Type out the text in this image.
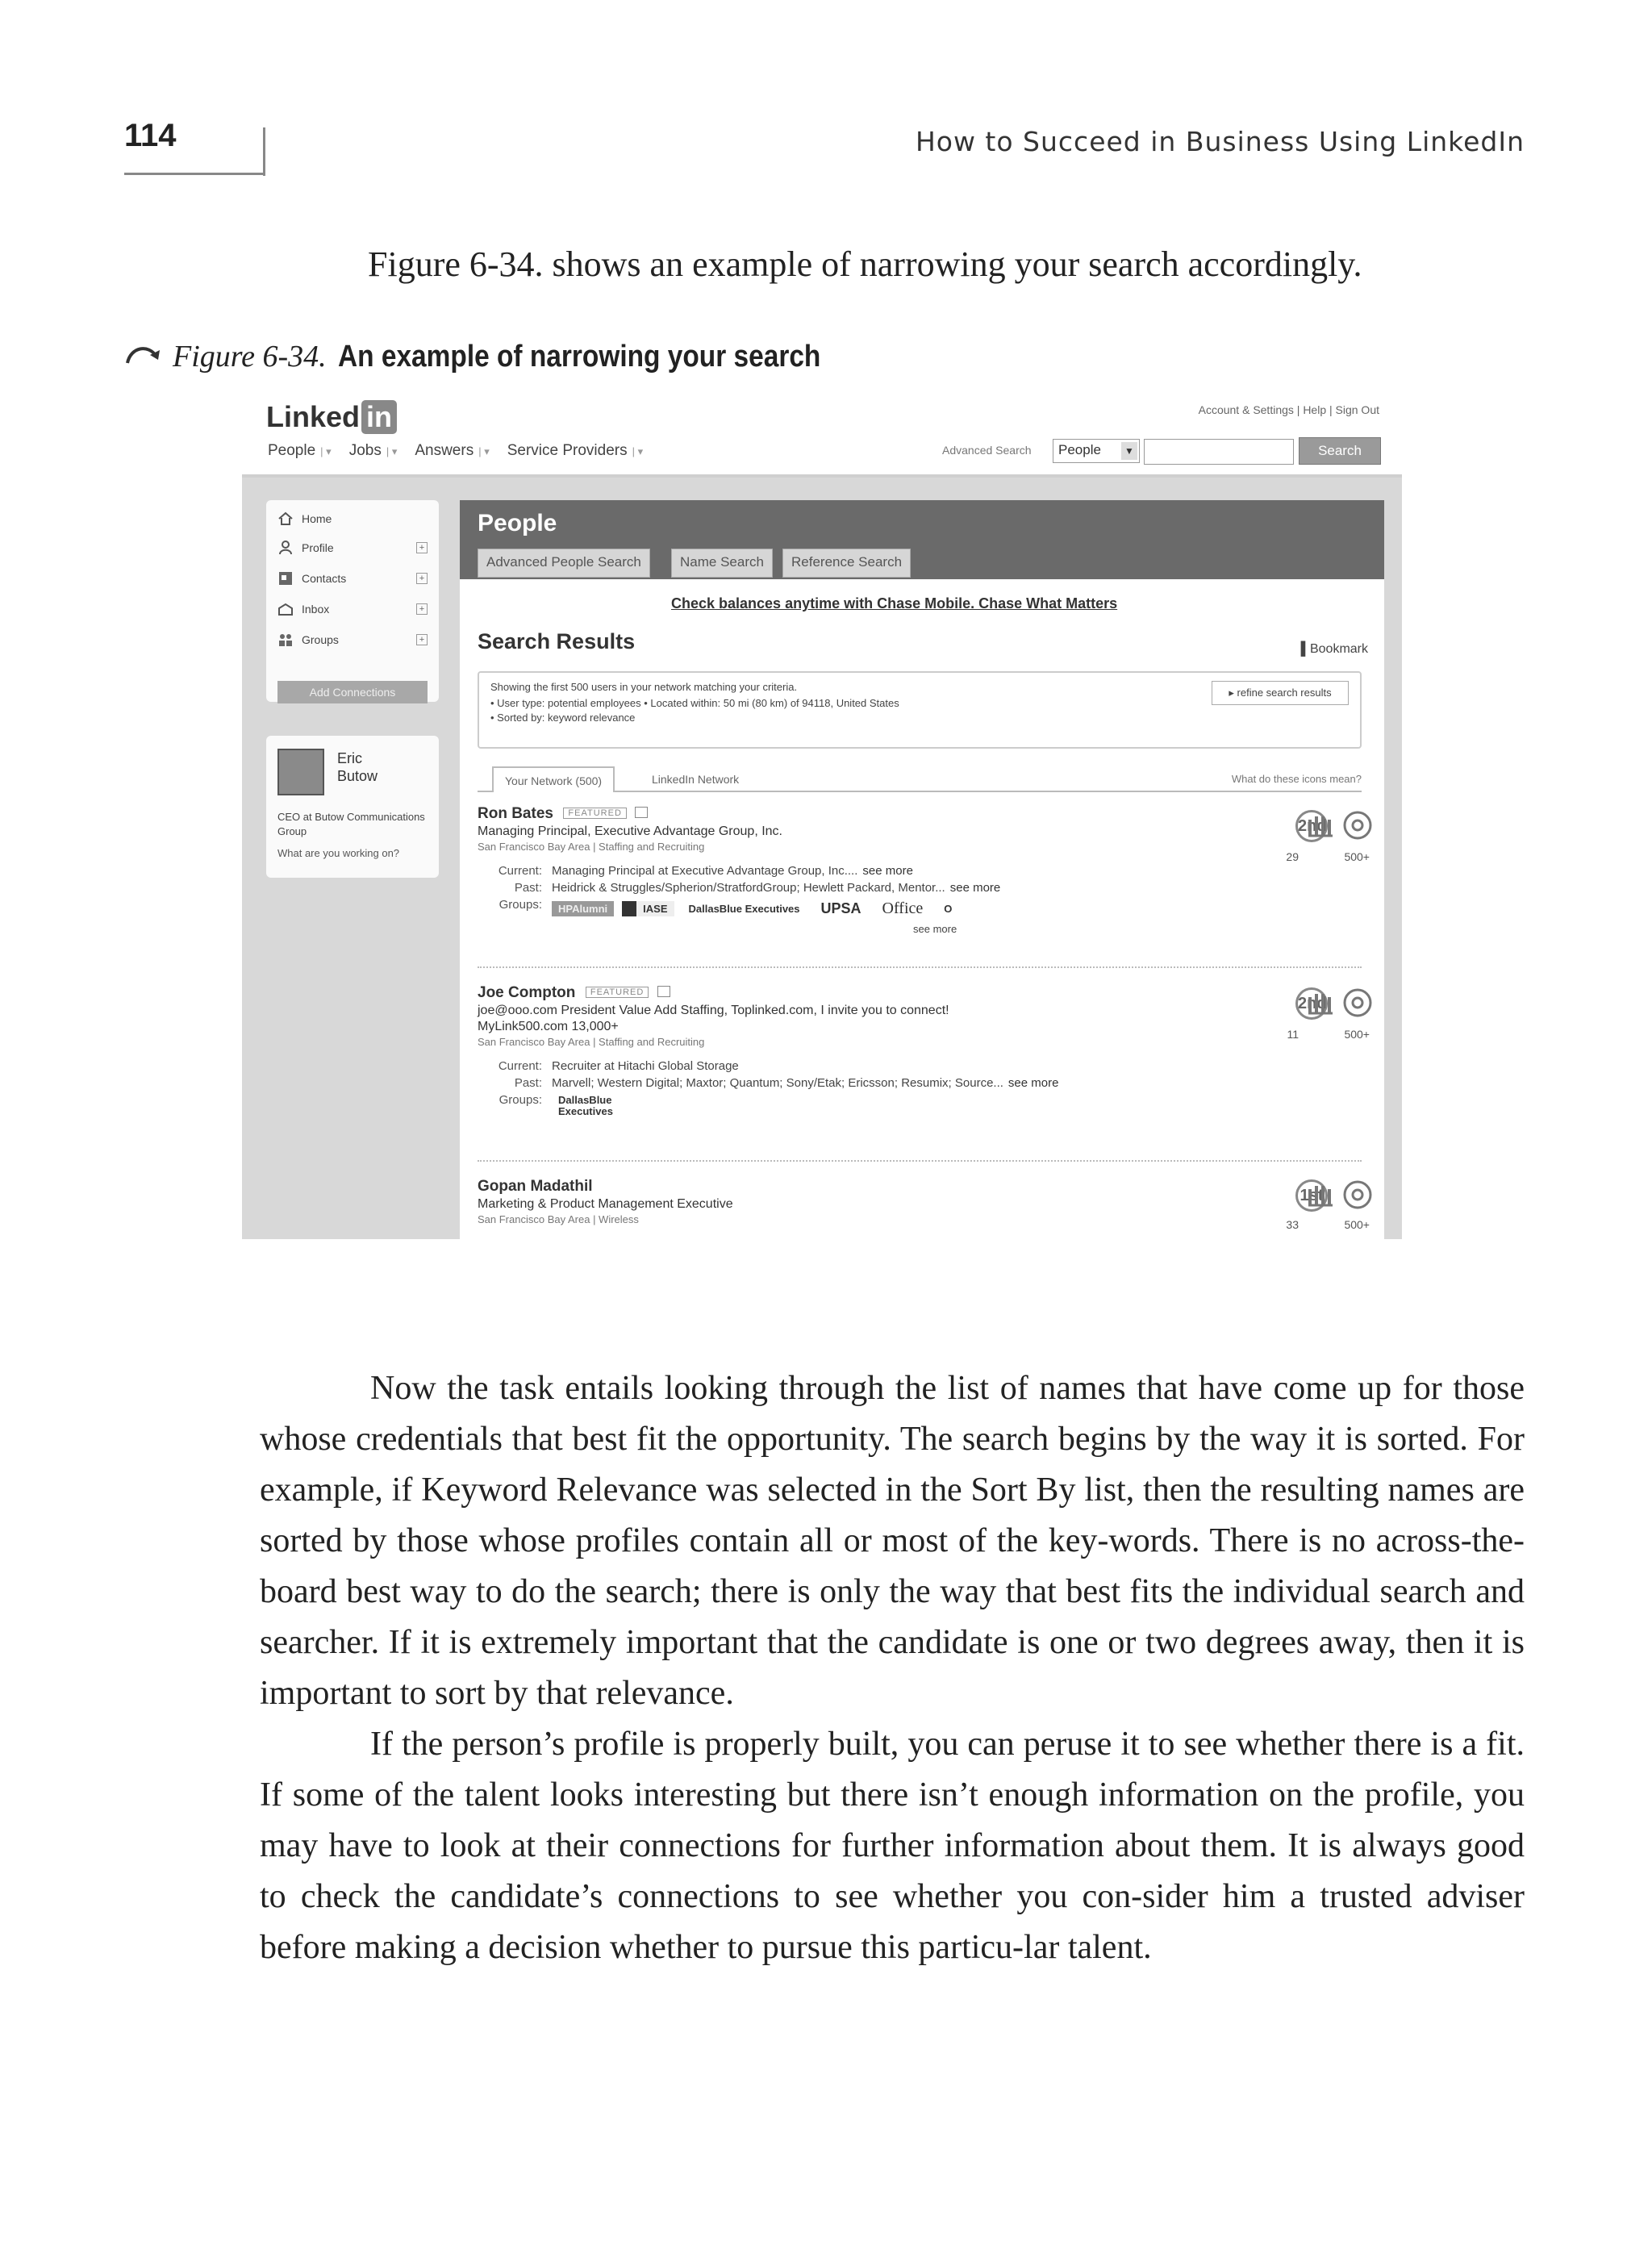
114	How to Succeed in Business Using LinkedIn
Figure 6-34. shows an example of narrowing your search accordingly.
Figure 6-34. An example of narrowing your search
Linked in	Account & Settings | Help | Sign Out
People | ▾ Jobs | ▾ Answers | ▾ Service Providers | ▾	Advanced Search	People	▼	Search
Home
Profile	+
Contacts	+
Inbox	+
Groups	+
Add Connections
Eric
Butow
CEO at Butow Communications Group
What are you working on?
People
Advanced People Search	Name Search	Reference Search
Check balances anytime with Chase Mobile. Chase What Matters
Search Results	▌Bookmark
Showing the first 500 users in your network matching your criteria.
• User type: potential employees • Located within: 50 mi (80 km) of 94118, United States
• Sorted by: keyword relevance
▸ refine search results
Your Network (500)	LinkedIn Network	What do these icons mean?
Ron Bates FEATURED
Managing Principal, Executive Advantage Group, Inc.
San Francisco Bay Area | Staffing and Recruiting
Current: Managing Principal at Executive Advantage Group, Inc.... see more
Past: Heidrick & Struggles/Spherion/StratfordGroup; Hewlett Packard, Mentor... see more
Groups:	HPAlumni	IASE	DallasBlue Executives	UPSA	Office	O
see more
2nd
29	500+
Joe Compton FEATURED
joe@ooo.com President Value Add Staffing, Toplinked.com, I invite you to connect!
MyLink500.com 13,000+
San Francisco Bay Area | Staffing and Recruiting
Current: Recruiter at Hitachi Global Storage
Past: Marvell; Western Digital; Maxtor; Quantum; Sony/Etak; Ericsson; Resumix; Source... see more
Groups:	DallasBlue Executives
2nd
11	500+
Gopan Madathil
Marketing & Product Management Executive
San Francisco Bay Area | Wireless
1st
33	500+

Now the task entails looking through the list of names that have come up for those whose credentials that best fit the opportunity. The search begins by the way it is sorted. For example, if Keyword Relevance was selected in the Sort By list, then the resulting names are sorted by those whose profiles contain all or most of the key-words. There is no across-the-board best way to do the search; there is only the way that best fits the individual search and searcher. If it is extremely important that the candidate is one or two degrees away, then it is important to sort by that relevance.

If the person’s profile is properly built, you can peruse it to see whether there is a fit. If some of the talent looks interesting but there isn’t enough information on the profile, you may have to look at their connections for further information about them. It is always good to check the candidate’s connections to see whether you con-sider him a trusted adviser before making a decision whether to pursue this particu-lar talent.
